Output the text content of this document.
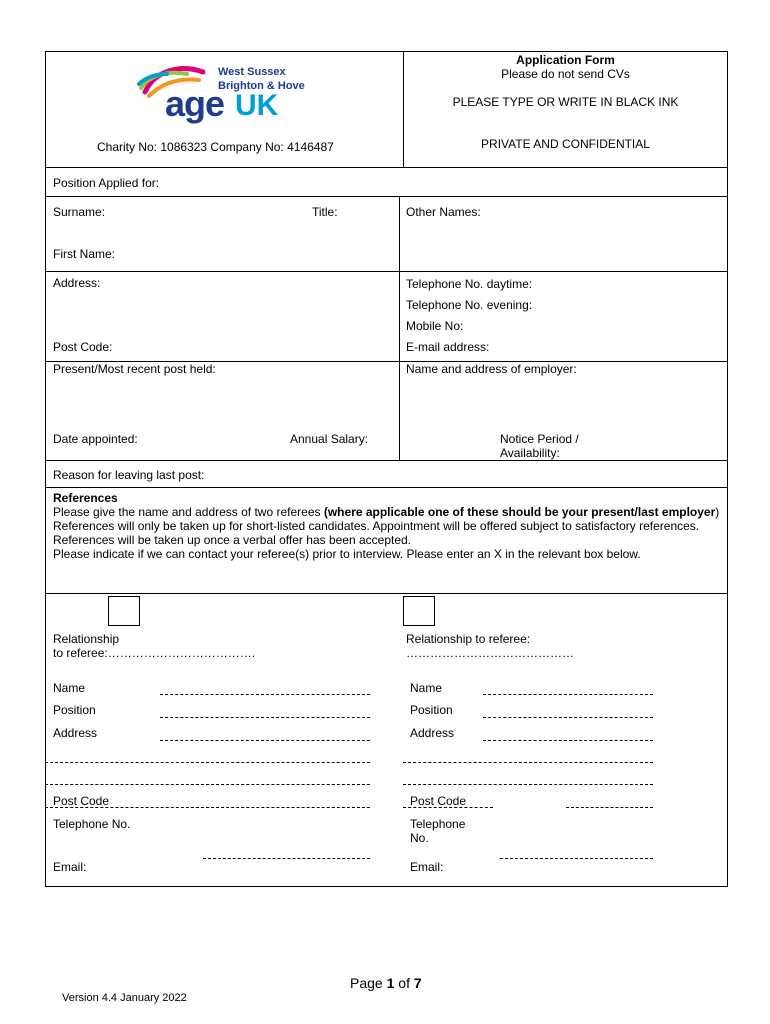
West Sussex
Brighton & Hove
age UK
Charity No: 1086323 Company No: 4146487
Application Form
Please do not send CVs
PLEASE TYPE OR WRITE IN BLACK INK
PRIVATE AND CONFIDENTIAL
Position Applied for:
Surname:	Title:	Other Names:
First Name:
Address:	Telephone No. daytime:
Telephone No. evening:
Mobile No:
Post Code:	E-mail address:
Present/Most recent post held:	Name and address of employer:
Date appointed:	Annual Salary:	Notice Period /
Availability:
Reason for leaving last post:
References
Please give the name and address of two referees (where applicable one of these should be your present/last employer) References will only be taken up for short-listed candidates. Appointment will be offered subject to satisfactory references. References will be taken up once a verbal offer has been accepted.
Please indicate if we can contact your referee(s) prior to interview. Please enter an X in the relevant box below.
Relationship
to referee:……………………………….
Name
Position
Address
Post Code
Telephone No.
Email:
Relationship to referee:
……………………………………
Name
Position
Address
Post Code
Telephone
No.
Email:
Page 1 of 7
Version 4.4 January 2022
